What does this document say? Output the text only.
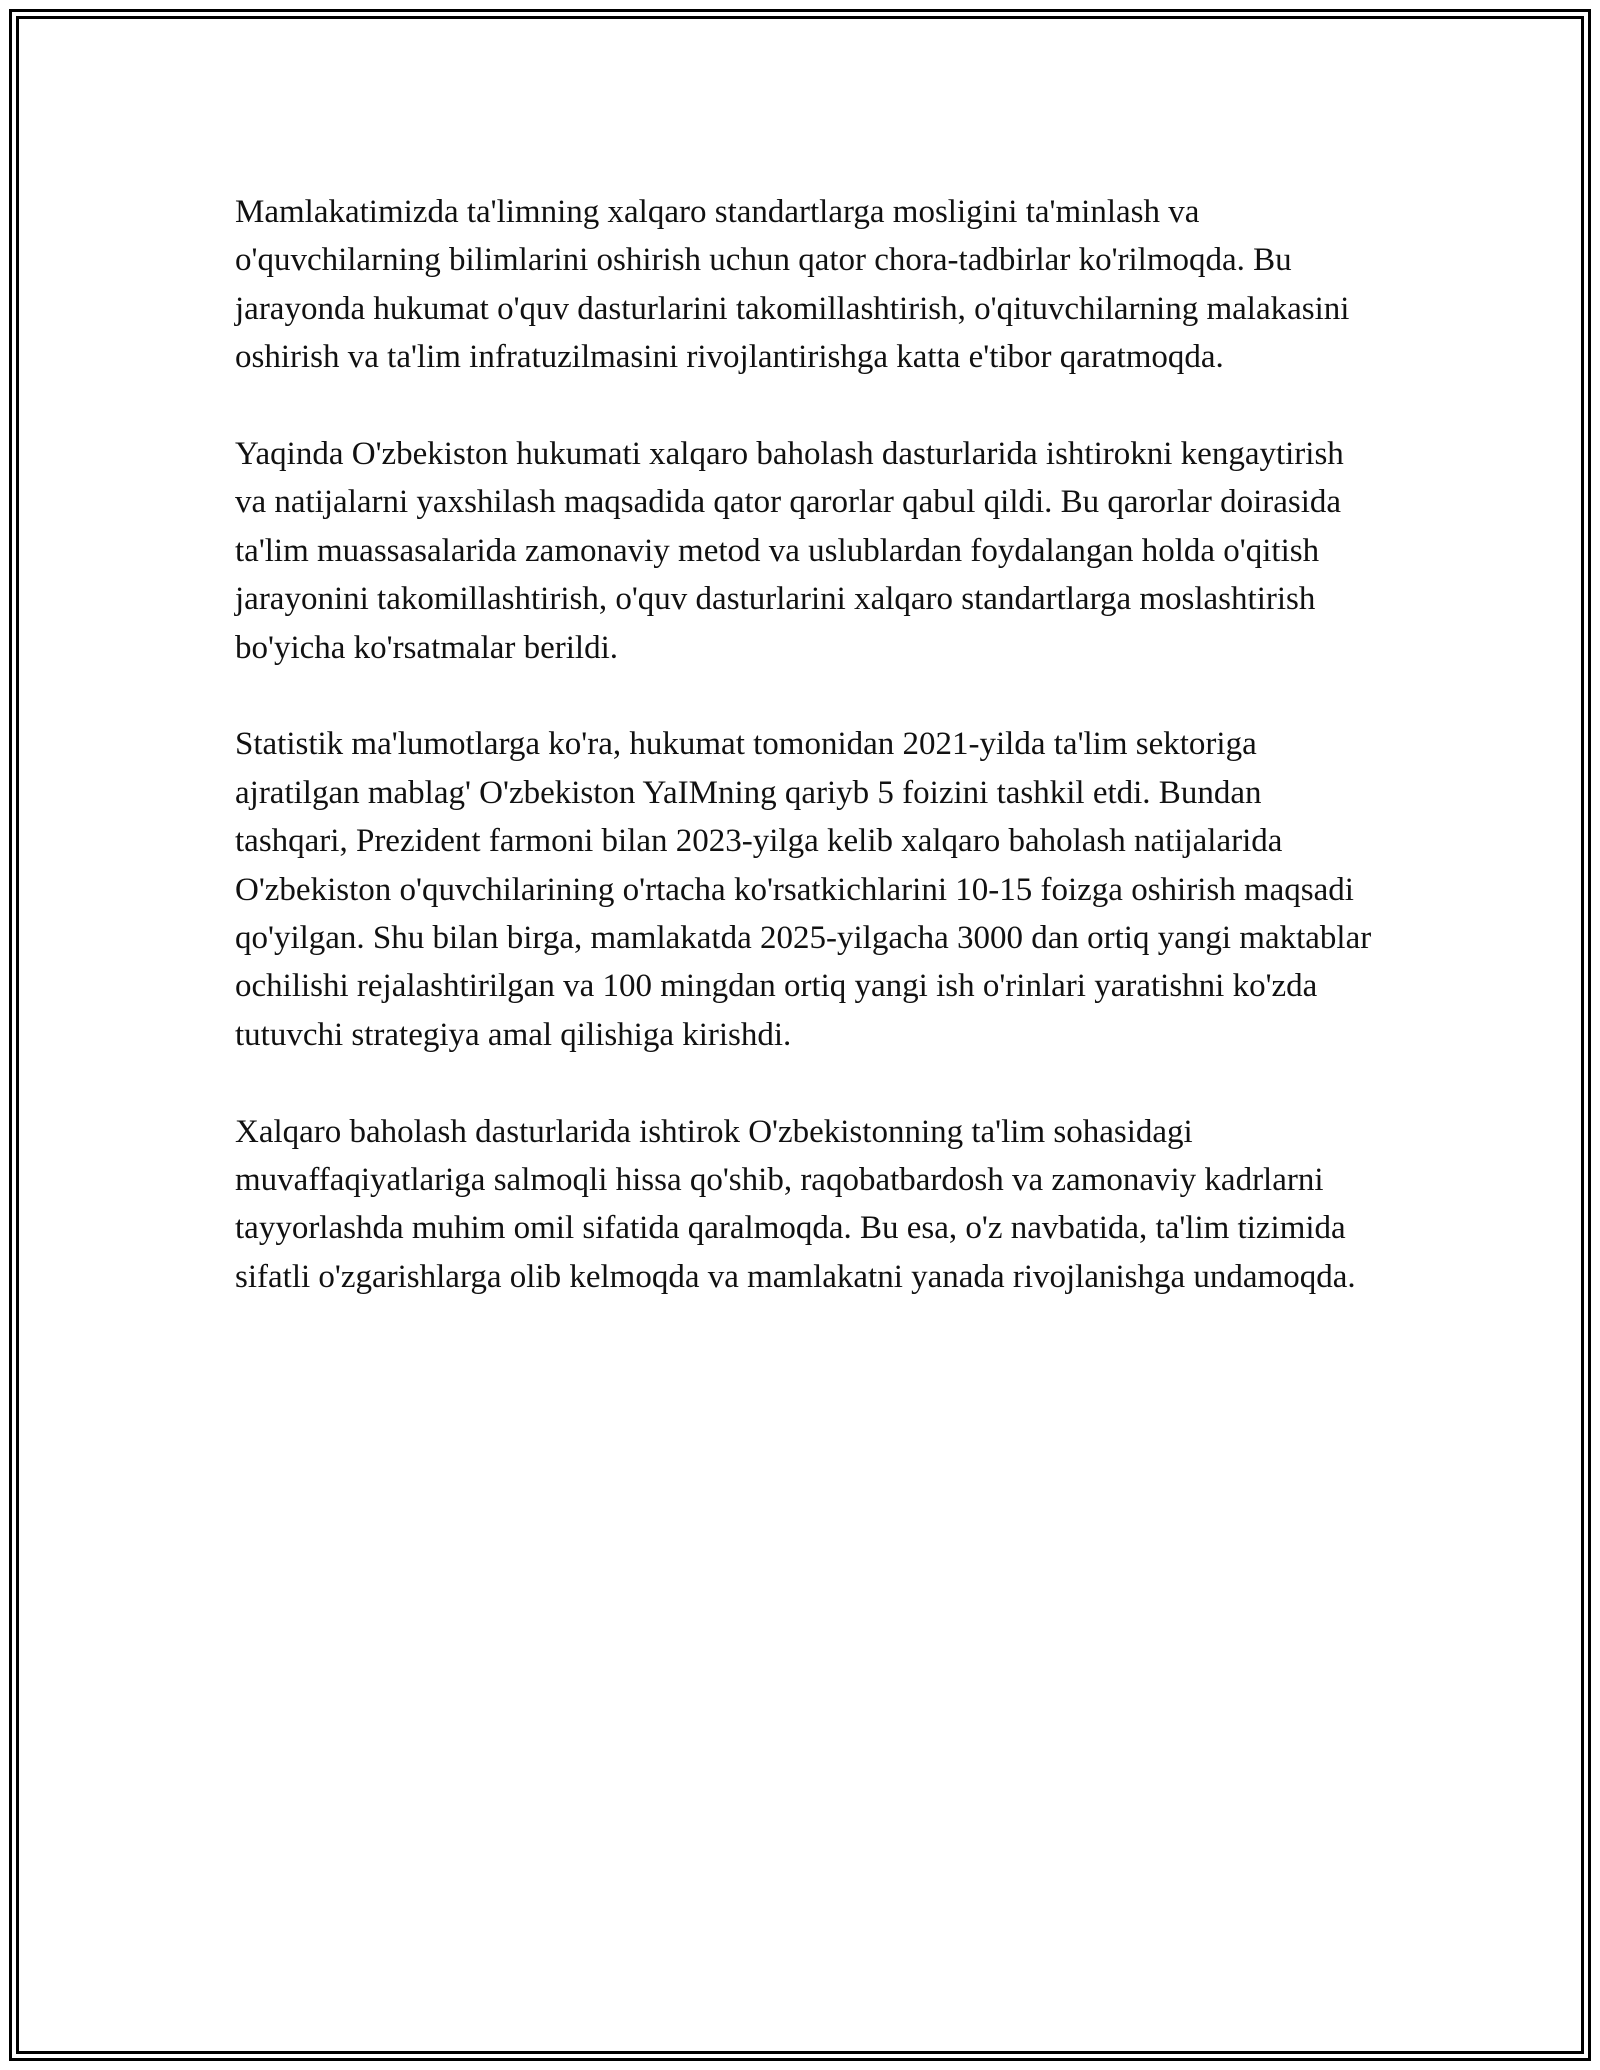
Mamlakatimizda ta'limning xalqaro standartlarga mosligini ta'minlash va o'quvchilarning bilimlarini oshirish uchun qator chora-tadbirlar ko'rilmoqda. Bu jarayonda hukumat o'quv dasturlarini takomillashtirish, o'qituvchilarning malakasini oshirish va ta'lim infratuzilmasini rivojlantirishga katta e'tibor qaratmoqda.

Yaqinda O'zbekiston hukumati xalqaro baholash dasturlarida ishtirokni kengaytirish va natijalarni yaxshilash maqsadida qator qarorlar qabul qildi. Bu qarorlar doirasida ta'lim muassasalarida zamonaviy metod va uslublardan foydalangan holda o'qitish jarayonini takomillashtirish, o'quv dasturlarini xalqaro standartlarga moslashtirish bo'yicha ko'rsatmalar berildi.

Statistik ma'lumotlarga ko'ra, hukumat tomonidan 2021-yilda ta'lim sektoriga ajratilgan mablag' O'zbekiston YaIMning qariyb 5 foizini tashkil etdi. Bundan tashqari, Prezident farmoni bilan 2023-yilga kelib xalqaro baholash natijalarida O'zbekiston o'quvchilarining o'rtacha ko'rsatkichlarini 10-15 foizga oshirish maqsadi qo'yilgan. Shu bilan birga, mamlakatda 2025-yilgacha 3000 dan ortiq yangi maktablar ochilishi rejalashtirilgan va 100 mingdan ortiq yangi ish o'rinlari yaratishni ko'zda tutuvchi strategiya amal qilishiga kirishdi.

Xalqaro baholash dasturlarida ishtirok O'zbekistonning ta'lim sohasidagi muvaffaqiyatlariga salmoqli hissa qo'shib, raqobatbardosh va zamonaviy kadrlarni tayyorlashda muhim omil sifatida qaralmoqda. Bu esa, o'z navbatida, ta'lim tizimida sifatli o'zgarishlarga olib kelmoqda va mamlakatni yanada rivojlanishga undamoqda.
